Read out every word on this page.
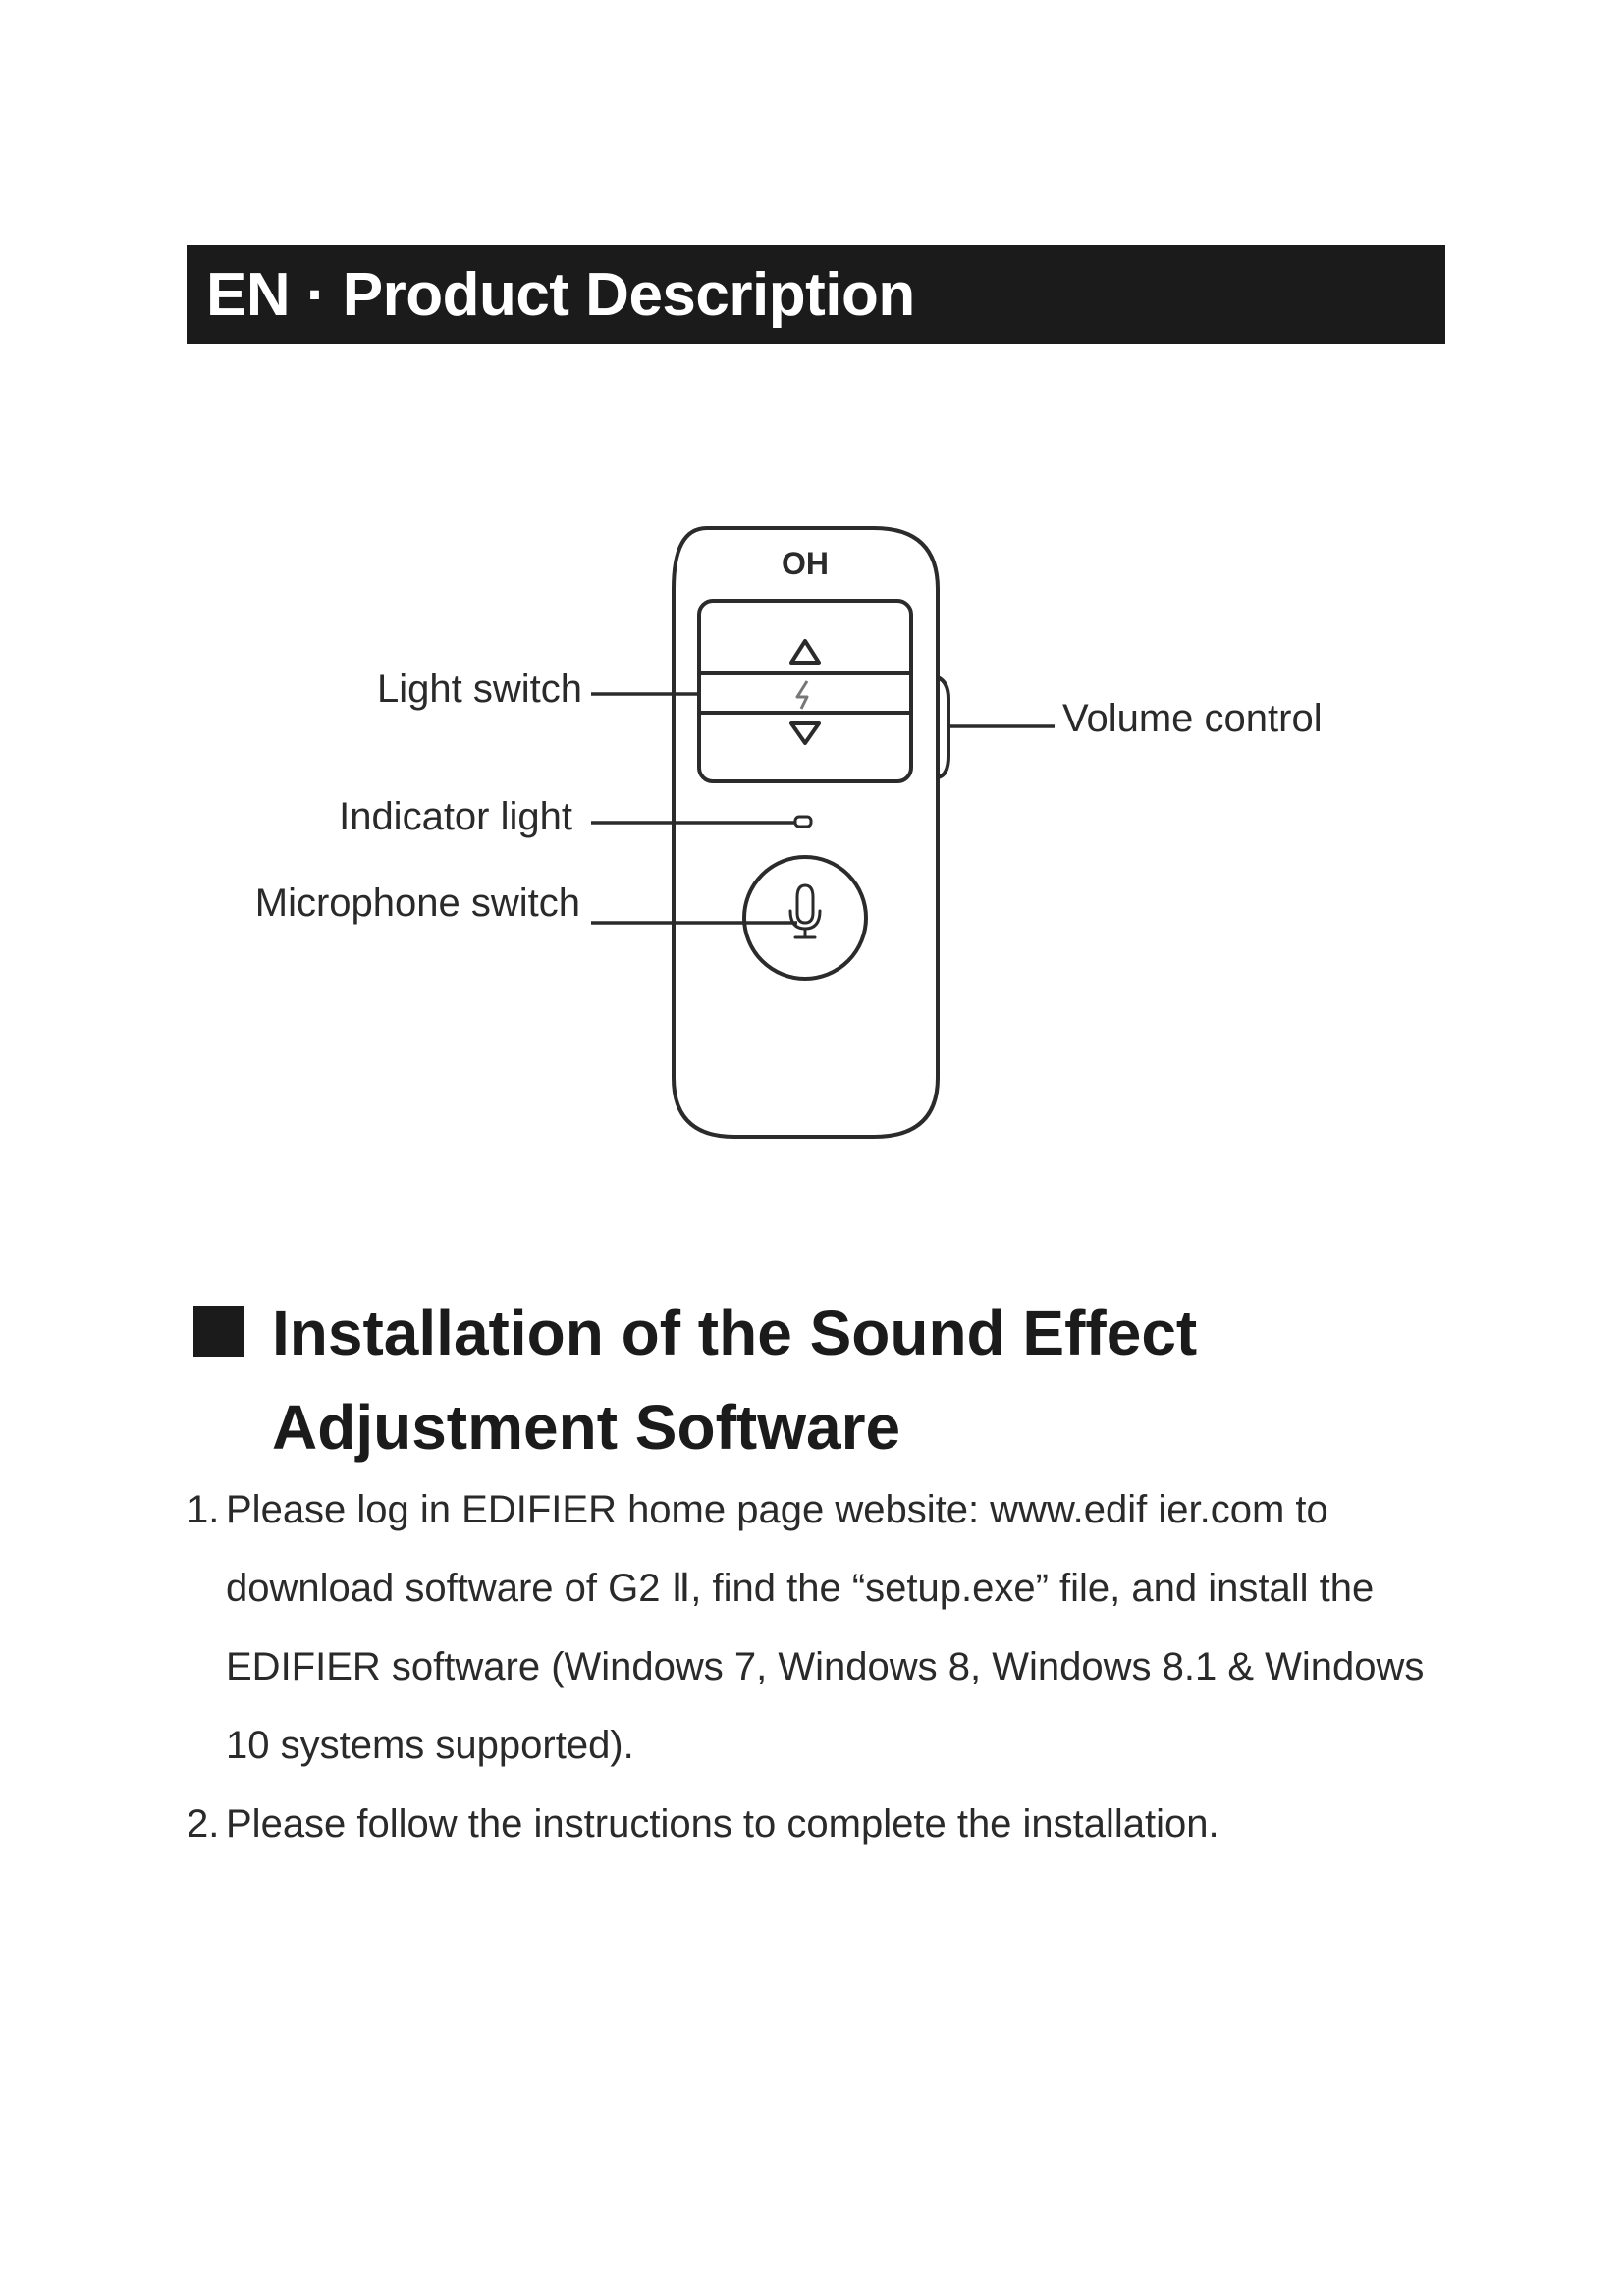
EN · Product Description
OH
Light switch
Indicator light
Microphone switch
Volume control
Installation of the Sound Effect Adjustment Software
1. Please log in EDIFIER home page website: www.edif ier.com to download software of G2 Ⅱ, find the “setup.exe” file, and install the EDIFIER software (Windows 7, Windows 8, Windows 8.1 & Windows 10 systems supported).
2. Please follow the instructions to complete the installation.
